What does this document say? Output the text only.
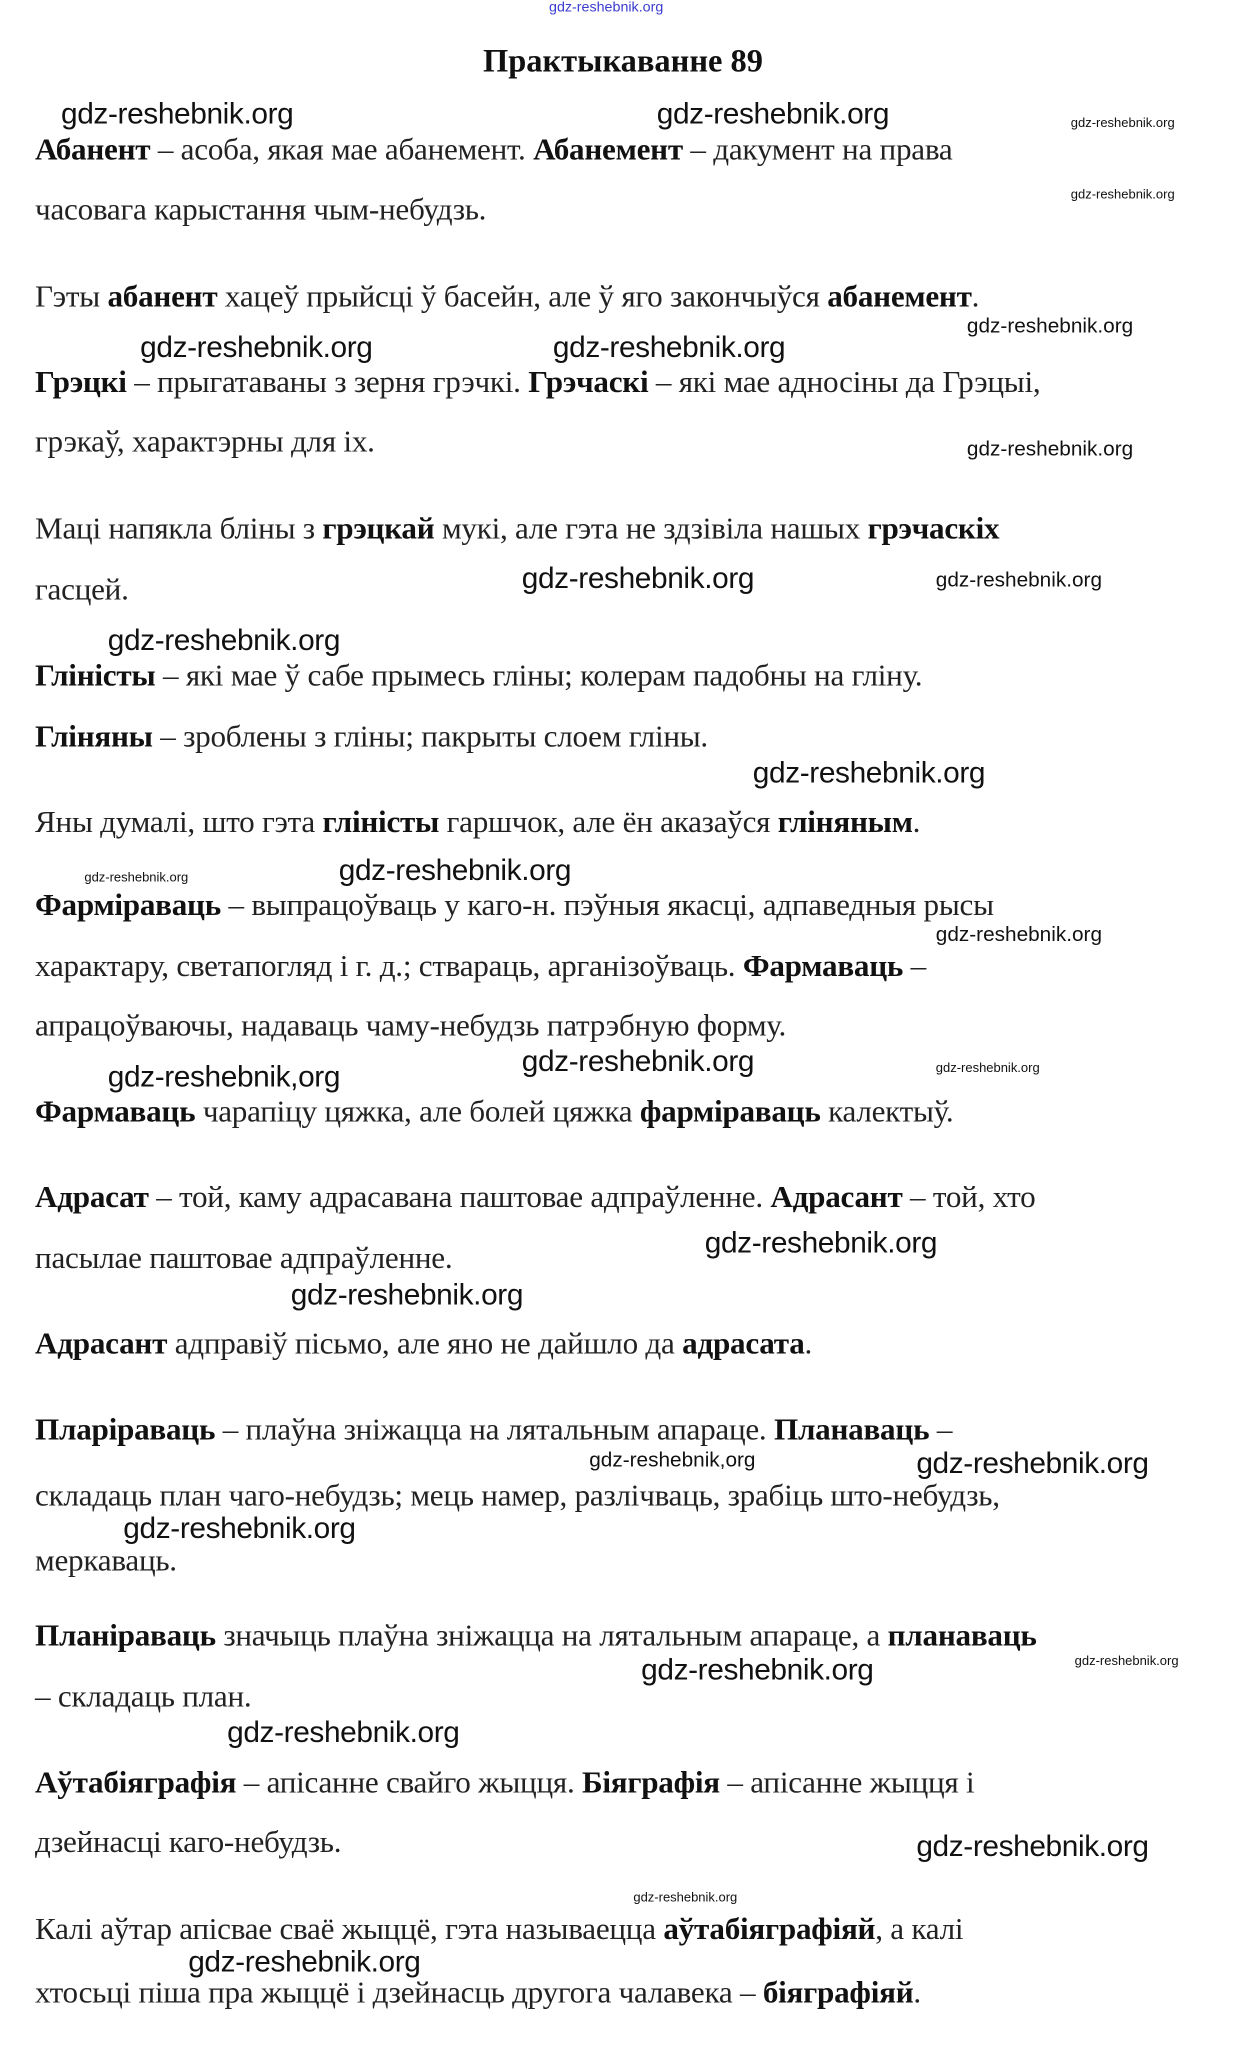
Практыкаванне 89
Абанент – асоба, якая мае абанемент. Абанемент – дакумент на права
часовага карыстання чым-небудзь.
Гэты абанент хацеў прыйсці ў басейн, але ў яго закончыўся абанемент.
Грэцкі – прыгатаваны з зерня грэчкі. Грэчаскі – які мае адносіны да Грэцыі,
грэкаў, характэрны для іх.
Маці напякла бліны з грэцкай мукі, але гэта не здзівіла нашых грэчаскіх
гасцей.
Глiністы – які мае ў сабе прымесь гліны; колерам падобны на гліну.
Гліняны – зроблены з гліны; пакрыты слоем гліны.
Яны думалі, што гэта глiністы гаршчок, але ён аказаўся гліняным.
Фарміраваць – выпрацоўваць у каго-н. пэўныя якасці, адпаведныя рысы
характару, светапогляд і г. д.; ствараць, арганізоўваць. Фармаваць –
апрацоўваючы, надаваць чаму-небудзь патрэбную форму.
Фармаваць чарапіцу цяжка, але болей цяжка фарміраваць калектыў.
Адрасат – той, каму адрасавана паштовае адпраўленне. Адрасант – той, хто
пасылае паштовае адпраўленне.
Адрасант адправіў пісьмо, але яно не дайшло да адрасата.
Пларіраваць – плаўна зніжацца на лятальным апараце. Планаваць –
складаць план чаго-небудзь; мець намер, разлічваць, зрабіць што-небудзь,
меркаваць.
Планіраваць значыць плаўна зніжацца на лятальным апараце, а планаваць
– складаць план.
Аўтабіяграфія – апісанне свайго жыцця. Біяграфія – апісанне жыцця і
дзейнасці каго-небудзь.
Калі аўтар апісвае сваё жыццё, гэта называецца аўтабіяграфіяй, а калі
хтосьці піша пра жыццё і дзейнасць другога чалавека – біяграфіяй.
gdz-reshebnik.org
gdz-reshebnik.org	gdz-reshebnik.org	gdz-reshebnik.org
gdz-reshebnik.org
gdz-reshebnik.org
gdz-reshebnik.org	gdz-reshebnik.org
gdz-reshebnik.org
gdz-reshebnik.org	gdz-reshebnik.org
gdz-reshebnik.org
gdz-reshebnik.org
gdz-reshebnik.org
gdz-reshebnik.org
gdz-reshebnik.org
gdz-reshebnik.org	gdz-reshebnik.org
gdz-reshebnik,org
gdz-reshebnik.org
gdz-reshebnik.org
gdz-reshebnik.org
gdz-reshebnik,org
gdz-reshebnik.org
gdz-reshebnik.org	gdz-reshebnik.org
gdz-reshebnik.org
gdz-reshebnik.org
gdz-reshebnik.org
gdz-reshebnik.org
